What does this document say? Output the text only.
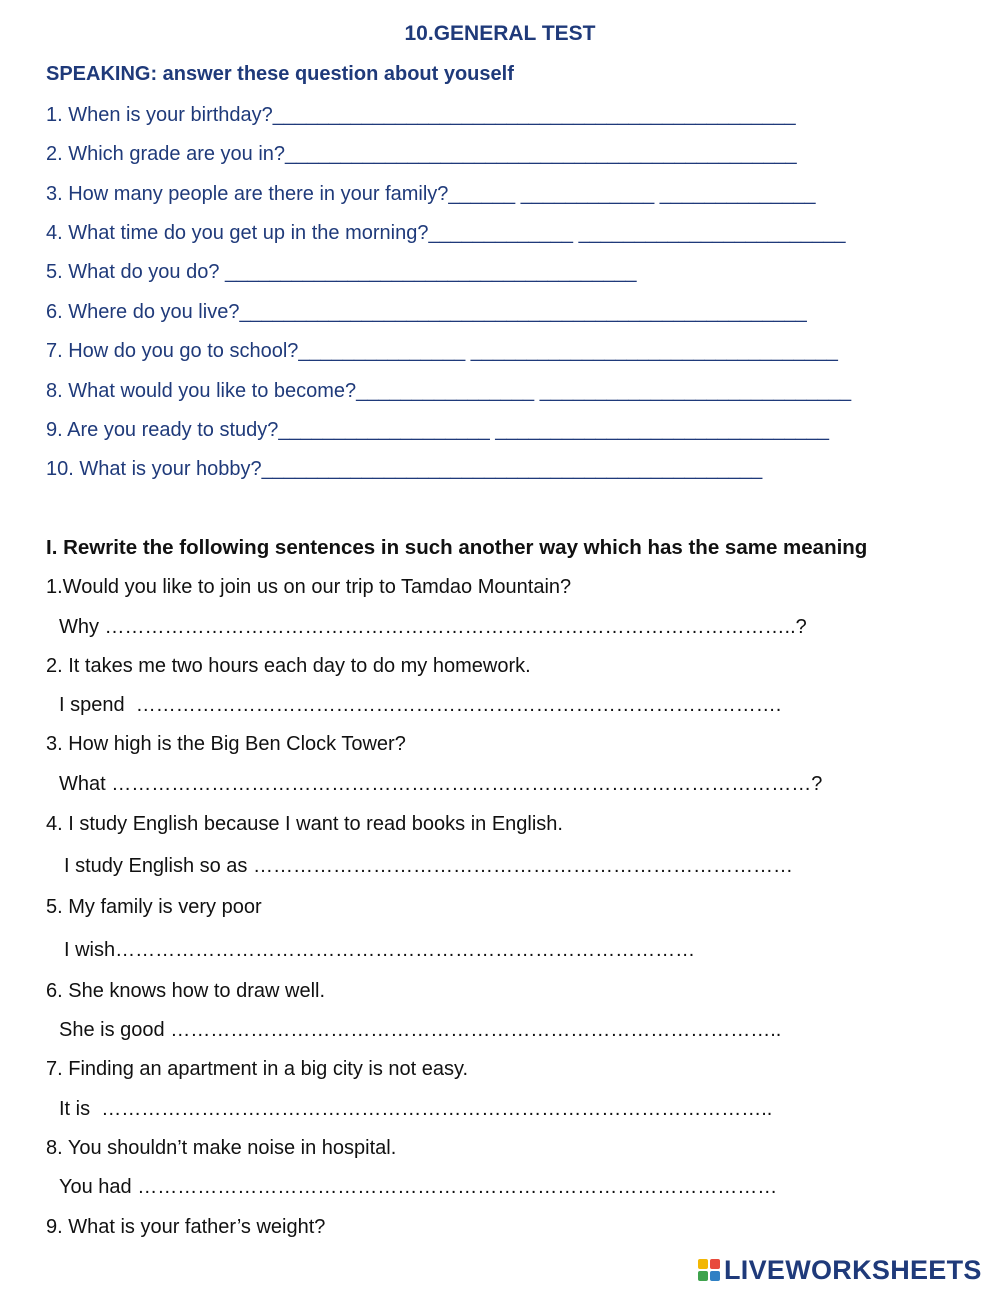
10.GENERAL TEST
SPEAKING: answer these question about youself
1. When is your birthday?_______________________________________________
2. Which grade are you in?______________________________________________
3. How many people are there in your family?______ ____________ ______________
4. What time do you get up in the morning?_____________ ________________________
5. What do you do? _____________________________________
6. Where do you live?___________________________________________________
7. How do you go to school?_______________ _________________________________
8. What would you like to become?________________ ____________________________
9. Are you ready to study?___________________ ______________________________
10. What is your hobby?_____________________________________________
I. Rewrite the following sentences in such another way which has the same meaning
1.Would you like to join us on our trip to Tamdao Mountain?
Why …………………………………………………………………………………………..?
2. It takes me two hours each day to do my homework.
I spend  …………………………………………………………………………………….
3. How high is the Big Ben Clock Tower?
What ……………………………………………………………………………………………?
4. I study English because I want to read books in English.
I study English so as ………………………………………………………………………
5. My family is very poor
I wish……………………………………………………………………………
6. She knows how to draw well.
She is good ………………………………………………………………………………..
7. Finding an apartment in a big city is not easy.
It is  ………………………………………………………………………………………..
8. You shouldn’t make noise in hospital.
You had ……………………………………………………………………………………
9. What is your father’s weight?
LIVEWORKSHEETS
